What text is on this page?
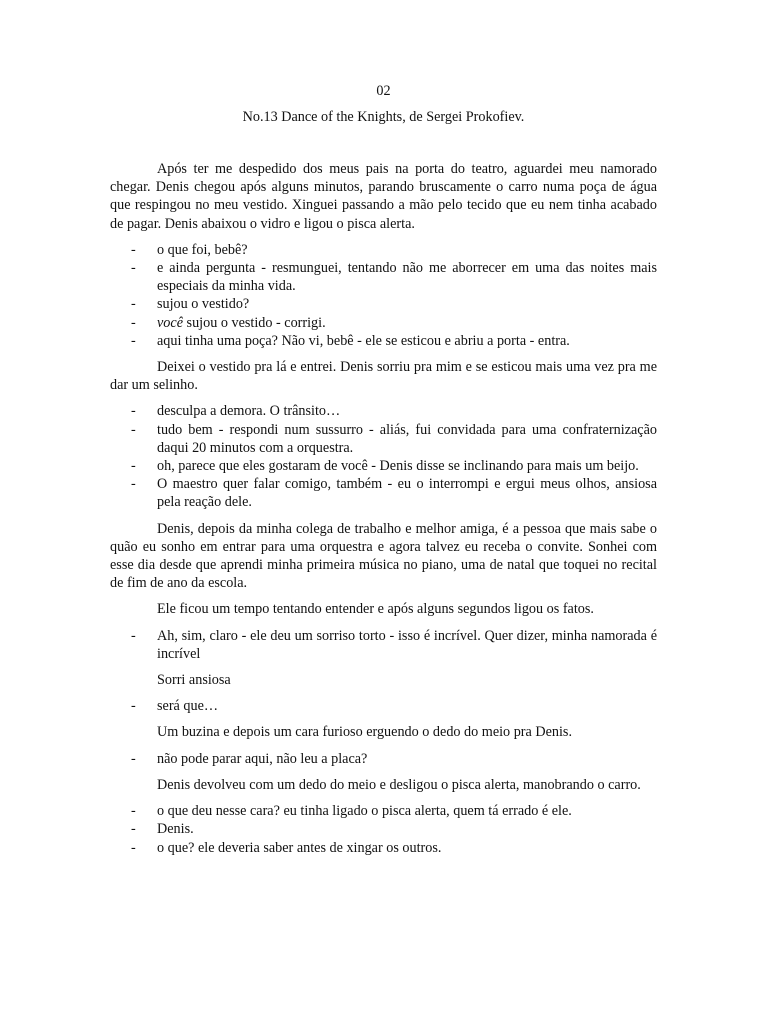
02
No.13 Dance of the Knights, de Sergei Prokofiev.

Após ter me despedido dos meus pais na porta do teatro, aguardei meu namorado chegar. Denis chegou após alguns minutos, parando bruscamente o carro numa poça de água que respingou no meu vestido. Xinguei passando a mão pelo tecido que eu nem tinha acabado de pagar. Denis abaixou o vidro e ligou o pisca alerta.

- o que foi, bebê?
- e ainda pergunta - resmunguei, tentando não me aborrecer em uma das noites mais especiais da minha vida.
- sujou o vestido?
- você sujou o vestido - corrigi.
- aqui tinha uma poça? Não vi, bebê - ele se esticou e abriu a porta - entra.

Deixei o vestido pra lá e entrei. Denis sorriu pra mim e se esticou mais uma vez pra me dar um selinho.

- desculpa a demora. O trânsito…
- tudo bem - respondi num sussurro - aliás, fui convidada para uma confraternização daqui 20 minutos com a orquestra.
- oh, parece que eles gostaram de você - Denis disse se inclinando para mais um beijo.
- O maestro quer falar comigo, também - eu o interrompi e ergui meus olhos, ansiosa pela reação dele.

Denis, depois da minha colega de trabalho e melhor amiga, é a pessoa que mais sabe o quão eu sonho em entrar para uma orquestra e agora talvez eu receba o convite. Sonhei com esse dia desde que aprendi minha primeira música no piano, uma de natal que toquei no recital de fim de ano da escola.

Ele ficou um tempo tentando entender e após alguns segundos ligou os fatos.

- Ah, sim, claro - ele deu um sorriso torto - isso é incrível. Quer dizer, minha namorada é incrível

Sorri ansiosa

- será que…

Um buzina e depois um cara furioso erguendo o dedo do meio pra Denis.

- não pode parar aqui, não leu a placa?

Denis devolveu com um dedo do meio e desligou o pisca alerta, manobrando o carro.

- o que deu nesse cara? eu tinha ligado o pisca alerta, quem tá errado é ele.
- Denis.
- o que? ele deveria saber antes de xingar os outros.
